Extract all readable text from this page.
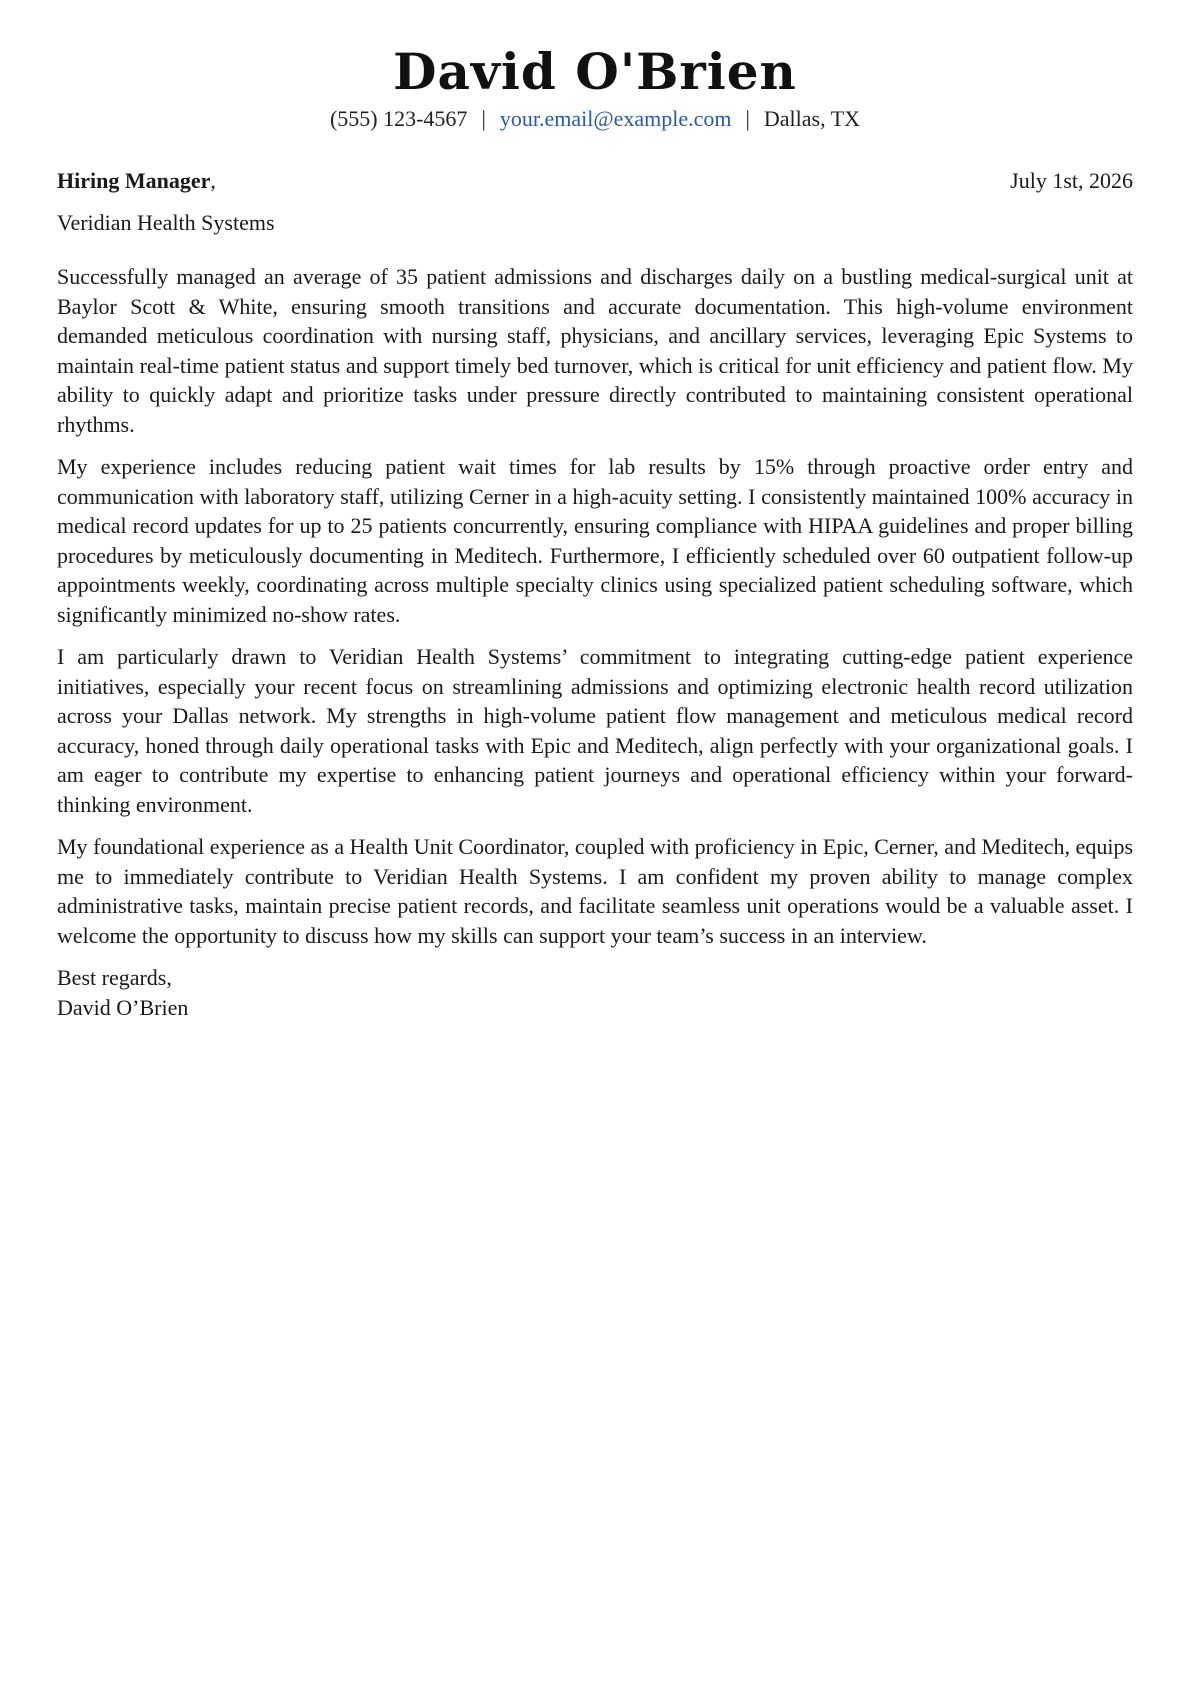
David O'Brien
(555) 123-4567 | your.email@example.com | Dallas, TX
Hiring Manager,	July 1st, 2026
Veridian Health Systems

Successfully managed an average of 35 patient admissions and discharges daily on a bustling medical-surgical unit at Baylor Scott & White, ensuring smooth transitions and accurate documentation. This high-volume environment demanded meticulous coordination with nursing staff, physicians, and ancillary services, leveraging Epic Systems to maintain real-time patient status and support timely bed turnover, which is critical for unit efficiency and patient flow. My ability to quickly adapt and prioritize tasks under pressure directly contributed to maintaining consistent operational rhythms.

My experience includes reducing patient wait times for lab results by 15% through proactive order entry and communication with laboratory staff, utilizing Cerner in a high-acuity setting. I consistently maintained 100% accuracy in medical record updates for up to 25 patients concurrently, ensuring compliance with HIPAA guidelines and proper billing procedures by meticulously documenting in Meditech. Furthermore, I efficiently scheduled over 60 outpatient follow-up appointments weekly, coordinating across multiple specialty clinics using specialized patient scheduling software, which significantly minimized no-show rates.

I am particularly drawn to Veridian Health Systems’ commitment to integrating cutting-edge patient experience initiatives, especially your recent focus on streamlining admissions and optimizing electronic health record utilization across your Dallas network. My strengths in high-volume patient flow management and meticulous medical record accuracy, honed through daily operational tasks with Epic and Meditech, align perfectly with your organizational goals. I am eager to contribute my expertise to enhancing patient journeys and operational efficiency within your forward-thinking environment.

My foundational experience as a Health Unit Coordinator, coupled with proficiency in Epic, Cerner, and Meditech, equips me to immediately contribute to Veridian Health Systems. I am confident my proven ability to manage complex administrative tasks, maintain precise patient records, and facilitate seamless unit operations would be a valuable asset. I welcome the opportunity to discuss how my skills can support your team’s success in an interview.

Best regards,
David O’Brien
